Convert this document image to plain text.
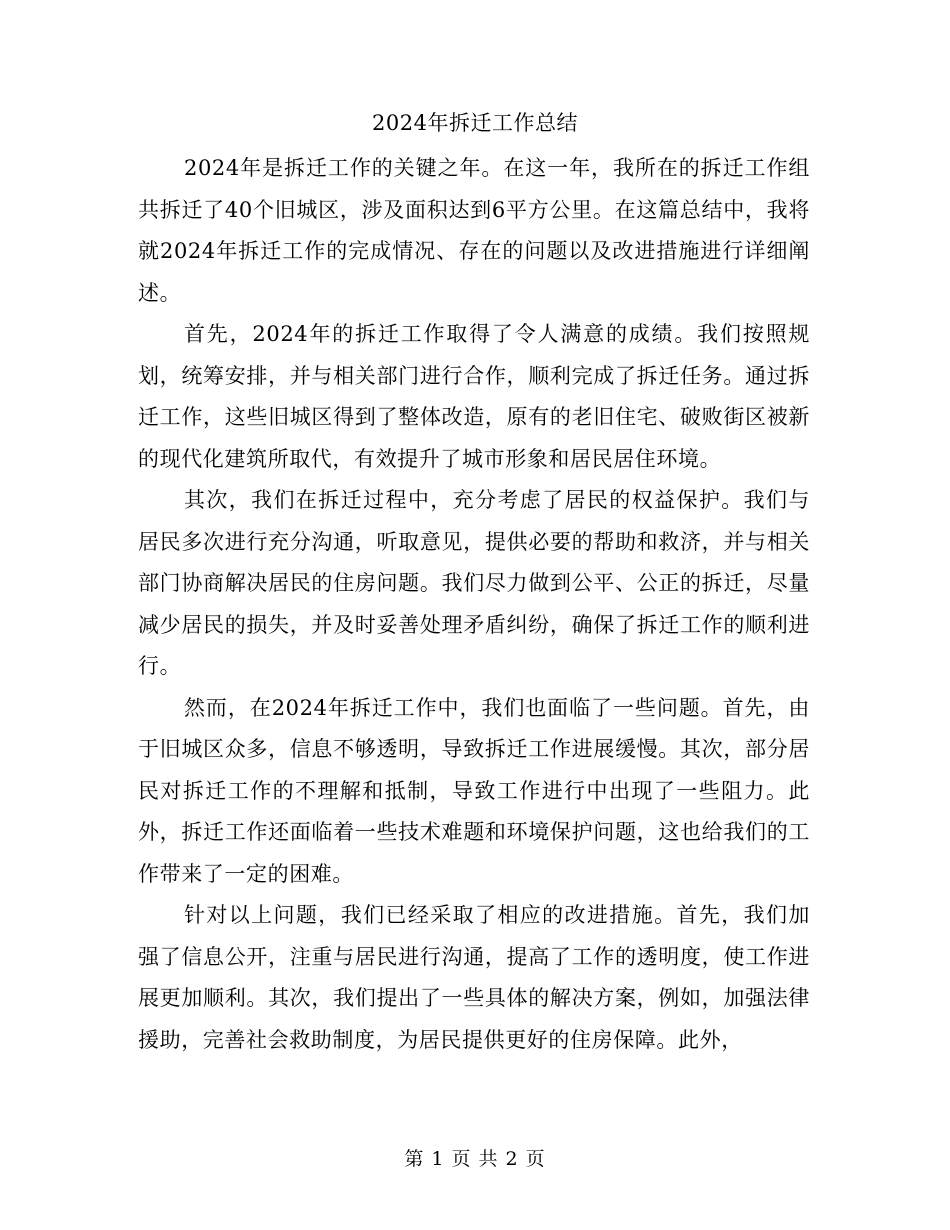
2024年拆迁工作总结

2024年是拆迁工作的关键之年。在这一年，我所在的拆迁工作组共拆迁了40个旧城区，涉及面积达到6平方公里。在这篇总结中，我将就2024年拆迁工作的完成情况、存在的问题以及改进措施进行详细阐述。

首先，2024年的拆迁工作取得了令人满意的成绩。我们按照规划，统筹安排，并与相关部门进行合作，顺利完成了拆迁任务。通过拆迁工作，这些旧城区得到了整体改造，原有的老旧住宅、破败街区被新的现代化建筑所取代，有效提升了城市形象和居民居住环境。

其次，我们在拆迁过程中，充分考虑了居民的权益保护。我们与居民多次进行充分沟通，听取意见，提供必要的帮助和救济，并与相关部门协商解决居民的住房问题。我们尽力做到公平、公正的拆迁，尽量减少居民的损失，并及时妥善处理矛盾纠纷，确保了拆迁工作的顺利进行。

然而，在2024年拆迁工作中，我们也面临了一些问题。首先，由于旧城区众多，信息不够透明，导致拆迁工作进展缓慢。其次，部分居民对拆迁工作的不理解和抵制，导致工作进行中出现了一些阻力。此外，拆迁工作还面临着一些技术难题和环境保护问题，这也给我们的工作带来了一定的困难。

针对以上问题，我们已经采取了相应的改进措施。首先，我们加强了信息公开，注重与居民进行沟通，提高了工作的透明度，使工作进展更加顺利。其次，我们提出了一些具体的解决方案，例如，加强法律援助，完善社会救助制度，为居民提供更好的住房保障。此外，

第 1 页 共 2 页
